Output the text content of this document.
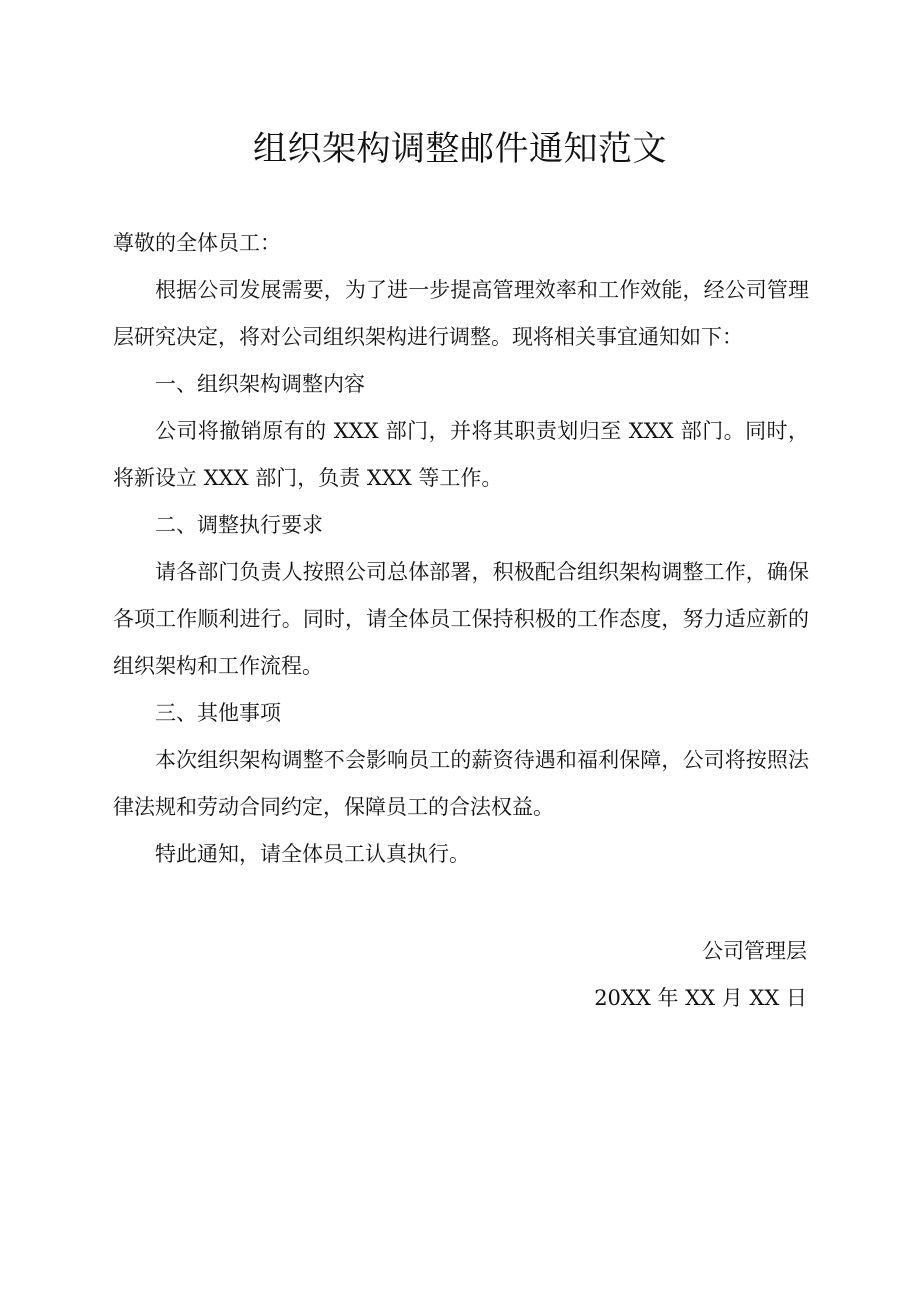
组织架构调整邮件通知范文

尊敬的全体员工：

根据公司发展需要，为了进一步提高管理效率和工作效能，经公司管理层研究决定，将对公司组织架构进行调整。现将相关事宜通知如下：

一、组织架构调整内容

公司将撤销原有的 XXX 部门，并将其职责划归至 XXX 部门。同时，将新设立 XXX 部门，负责 XXX 等工作。

二、调整执行要求

请各部门负责人按照公司总体部署，积极配合组织架构调整工作，确保各项工作顺利进行。同时，请全体员工保持积极的工作态度，努力适应新的组织架构和工作流程。

三、其他事项

本次组织架构调整不会影响员工的薪资待遇和福利保障，公司将按照法律法规和劳动合同约定，保障员工的合法权益。

特此通知，请全体员工认真执行。

公司管理层

20XX 年 XX 月 XX 日
